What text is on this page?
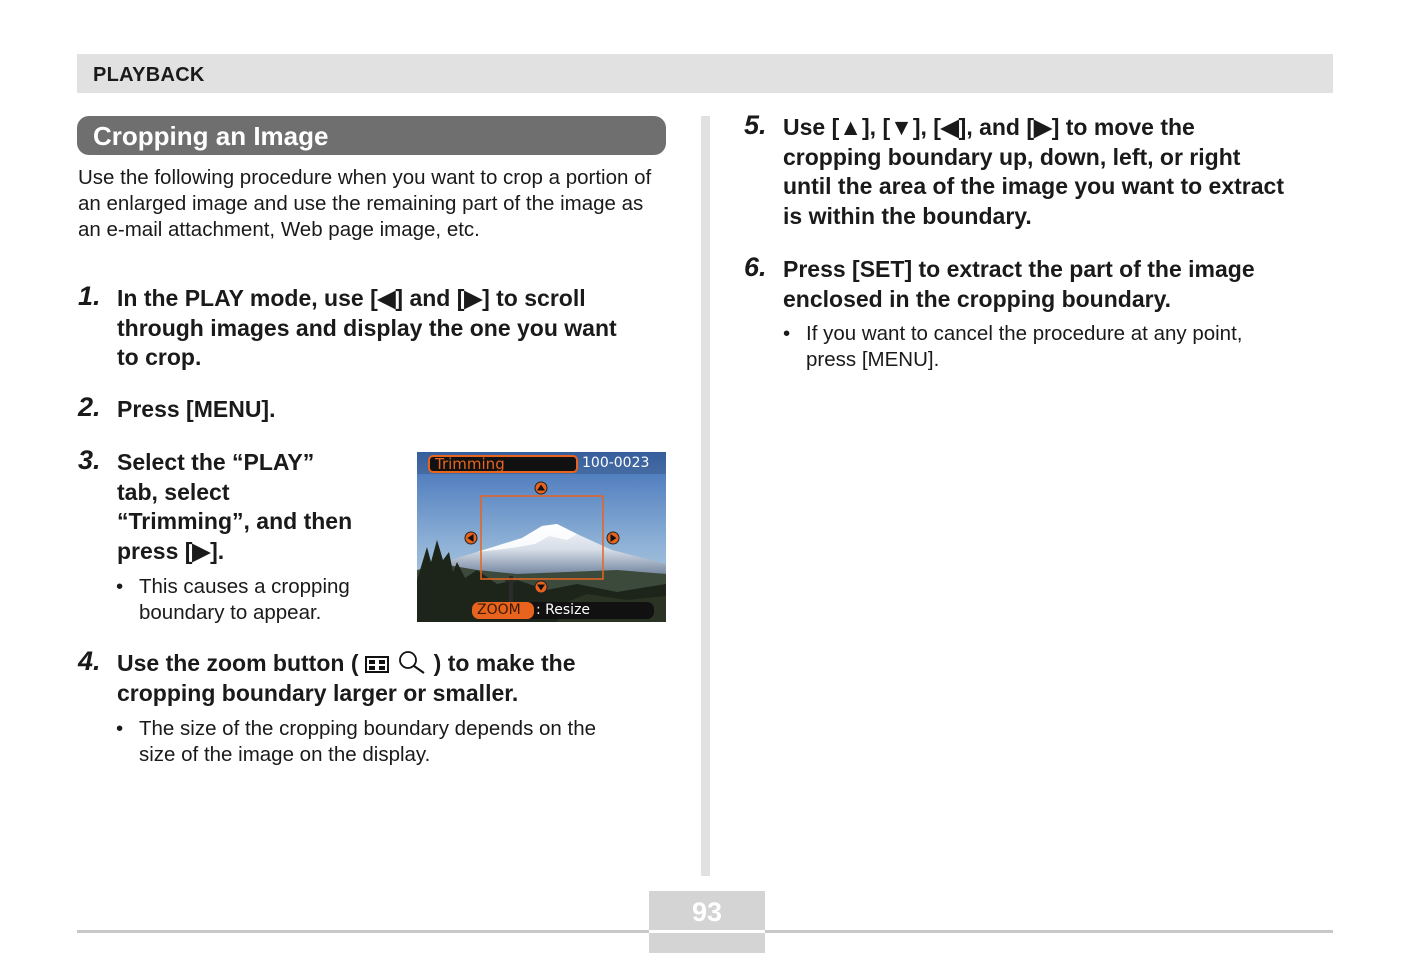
PLAYBACK
Cropping an Image
Use the following procedure when you want to crop a portion of an enlarged image and use the remaining part of the image as an e-mail attachment, Web page image, etc.
1. In the PLAY mode, use [◀] and [▶] to scroll
through images and display the one you want
to crop.
2. Press [MENU].
3. Select the “PLAY”
tab, select
“Trimming”, and then
press [▶].
• This causes a cropping
boundary to appear.
Trimming	100-0023
ZOOM : Resize
4. Use the zoom button (	) to make the
cropping boundary larger or smaller.
• The size of the cropping boundary depends on the
size of the image on the display.
5. Use [▲], [▼], [◀], and [▶] to move the
cropping boundary up, down, left, or right
until the area of the image you want to extract
is within the boundary.
6. Press [SET] to extract the part of the image
enclosed in the cropping boundary.
• If you want to cancel the procedure at any point,
press [MENU].
93
